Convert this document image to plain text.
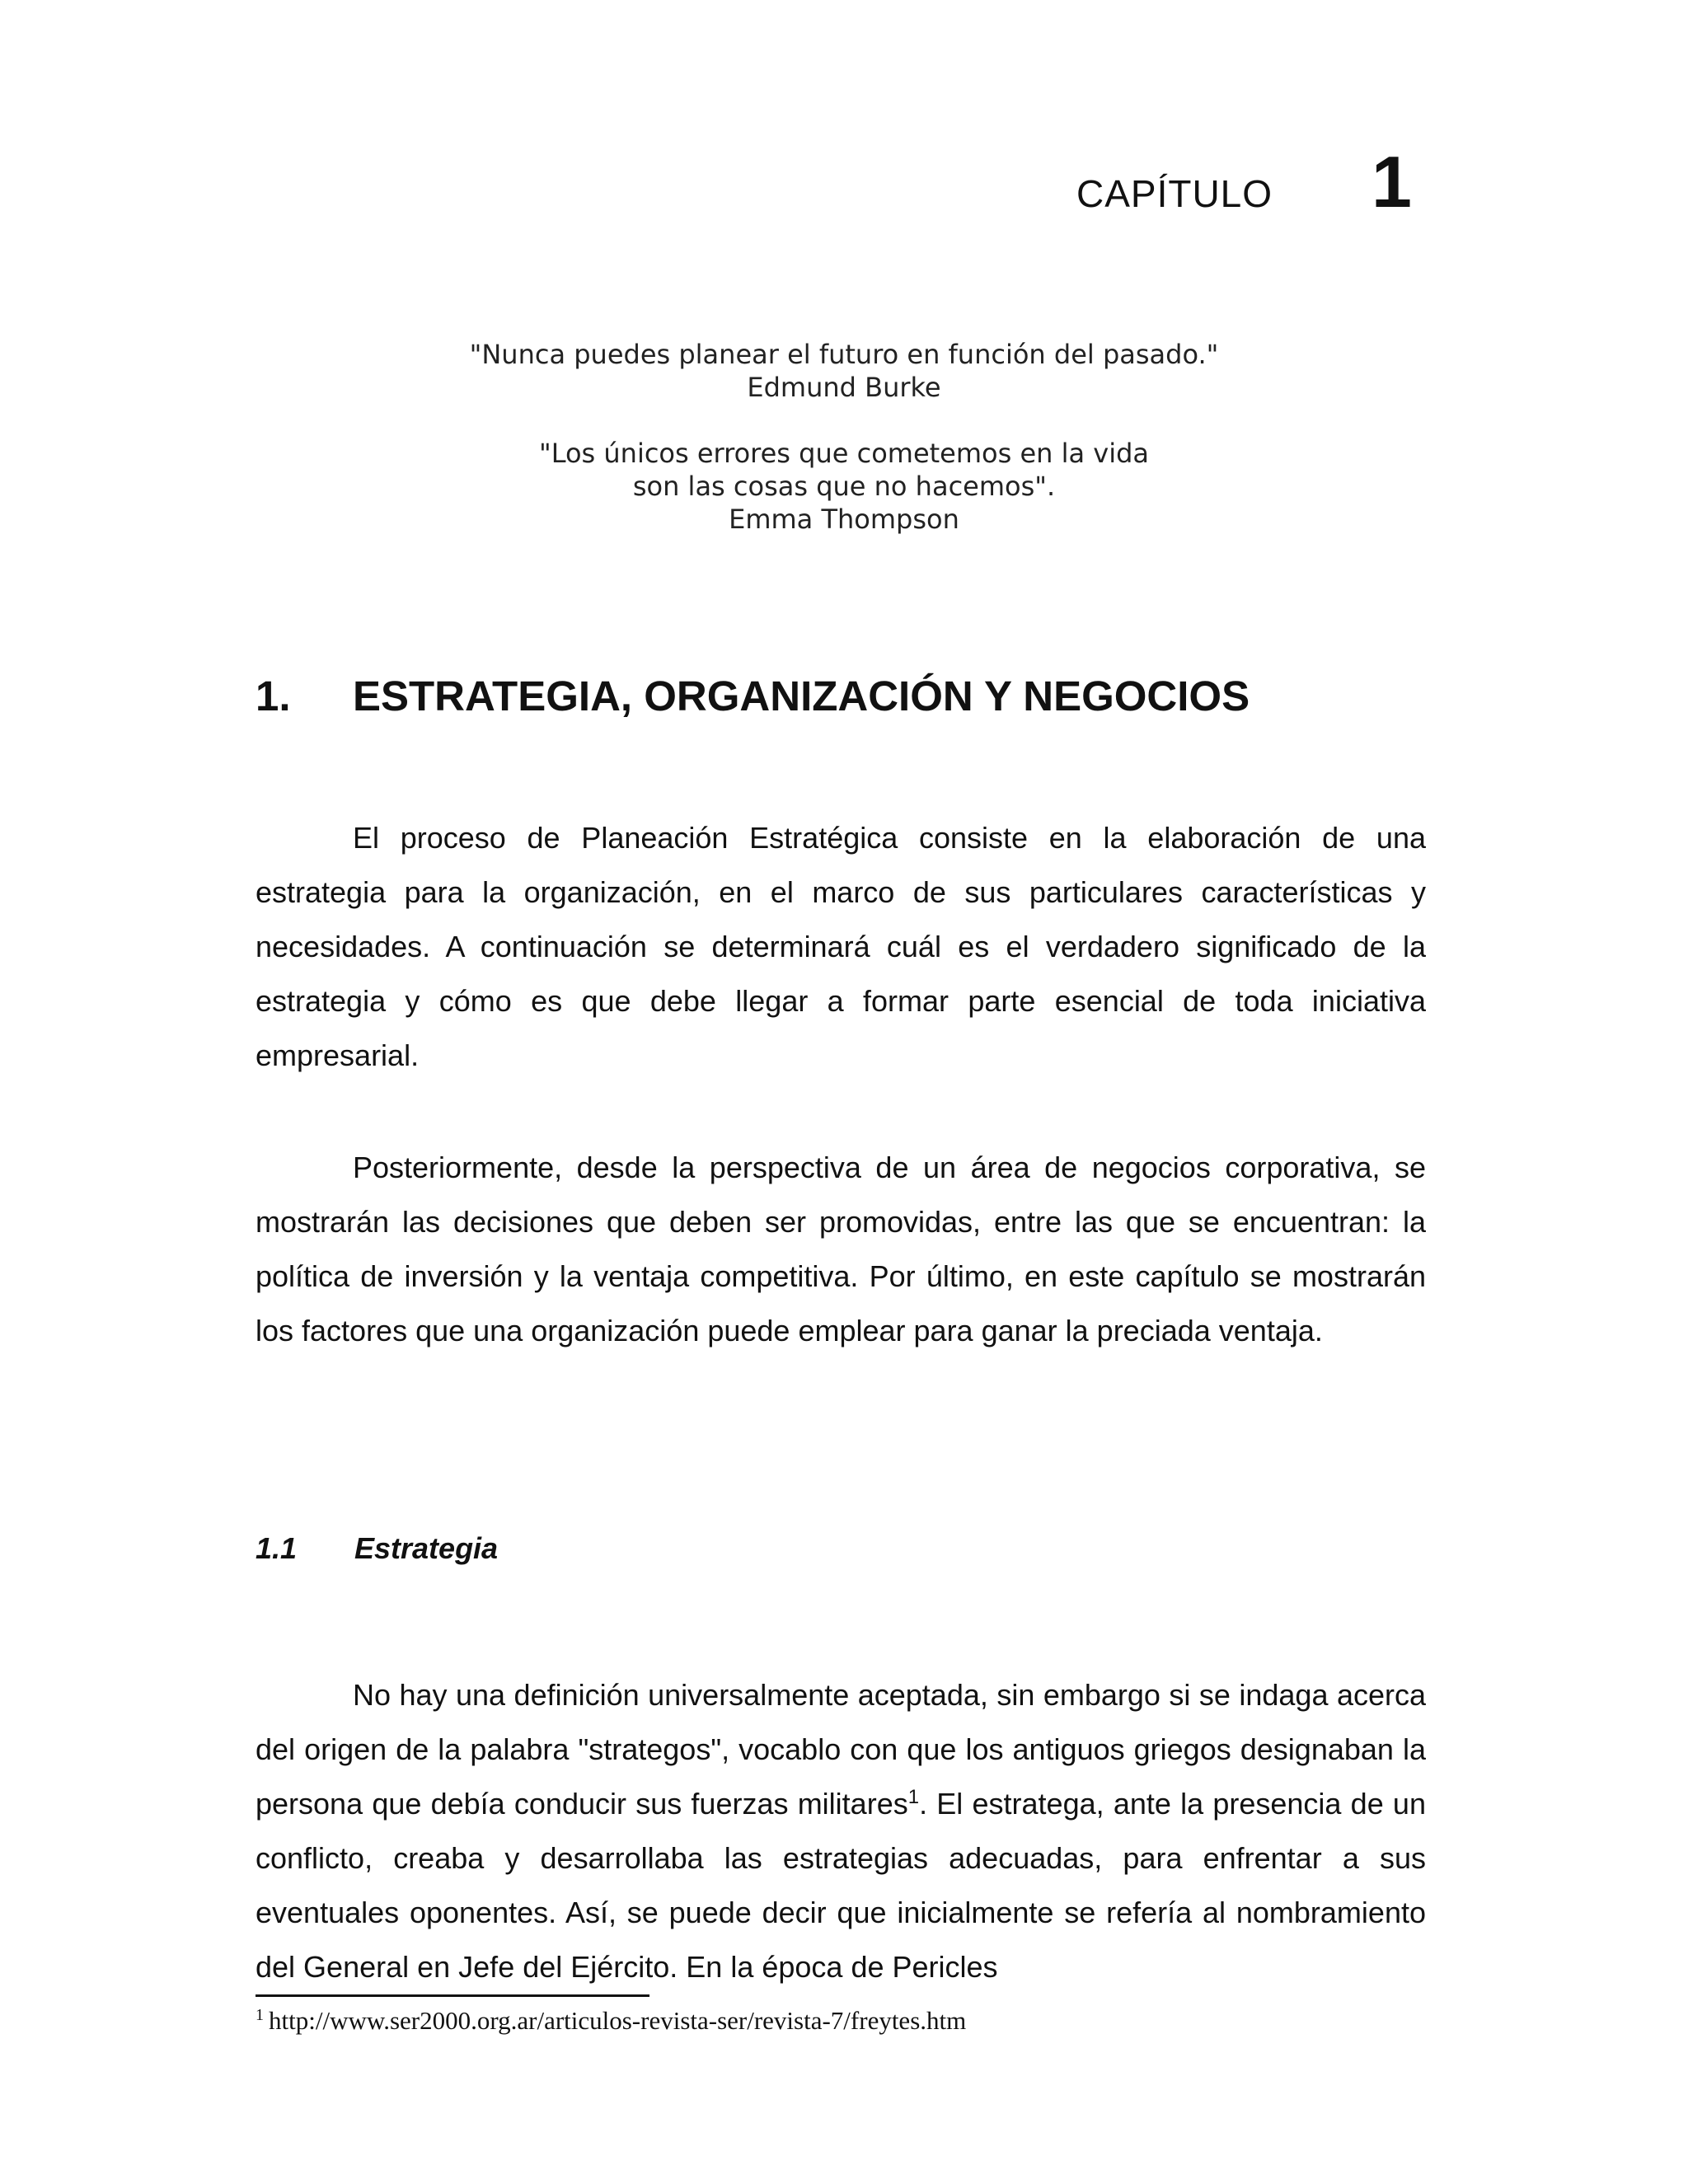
CAPÍTULO 1
"Nunca puedes planear el futuro en función del pasado."
Edmund Burke
"Los únicos errores que cometemos en la vida
son las cosas que no hacemos".
Emma Thompson
1.	ESTRATEGIA, ORGANIZACIÓN Y NEGOCIOS

El proceso de Planeación Estratégica consiste en la elaboración de una estrategia para la organización, en el marco de sus particulares características y necesidades. A continuación se determinará cuál es el verdadero significado de la estrategia y cómo es que debe llegar a formar parte esencial de toda iniciativa empresarial.

Posteriormente, desde la perspectiva de un área de negocios corporativa, se mostrarán las decisiones que deben ser promovidas, entre las que se encuentran: la política de inversión y la ventaja competitiva. Por último, en este capítulo se mostrarán los factores que una organización puede emplear para ganar la preciada ventaja.

1.1	Estrategia

No hay una definición universalmente aceptada, sin embargo si se indaga acerca del origen de la palabra "strategos", vocablo con que los antiguos griegos designaban la persona que debía conducir sus fuerzas militares$^1$. El estratega, ante la presencia de un conflicto, creaba y desarrollaba las estrategias adecuadas, para enfrentar a sus eventuales oponentes. Así, se puede decir que inicialmente se refería al nombramiento del General en Jefe del Ejército. En la época de Pericles

$^1$ http://www.ser2000.org.ar/articulos-revista-ser/revista-7/freytes.htm
